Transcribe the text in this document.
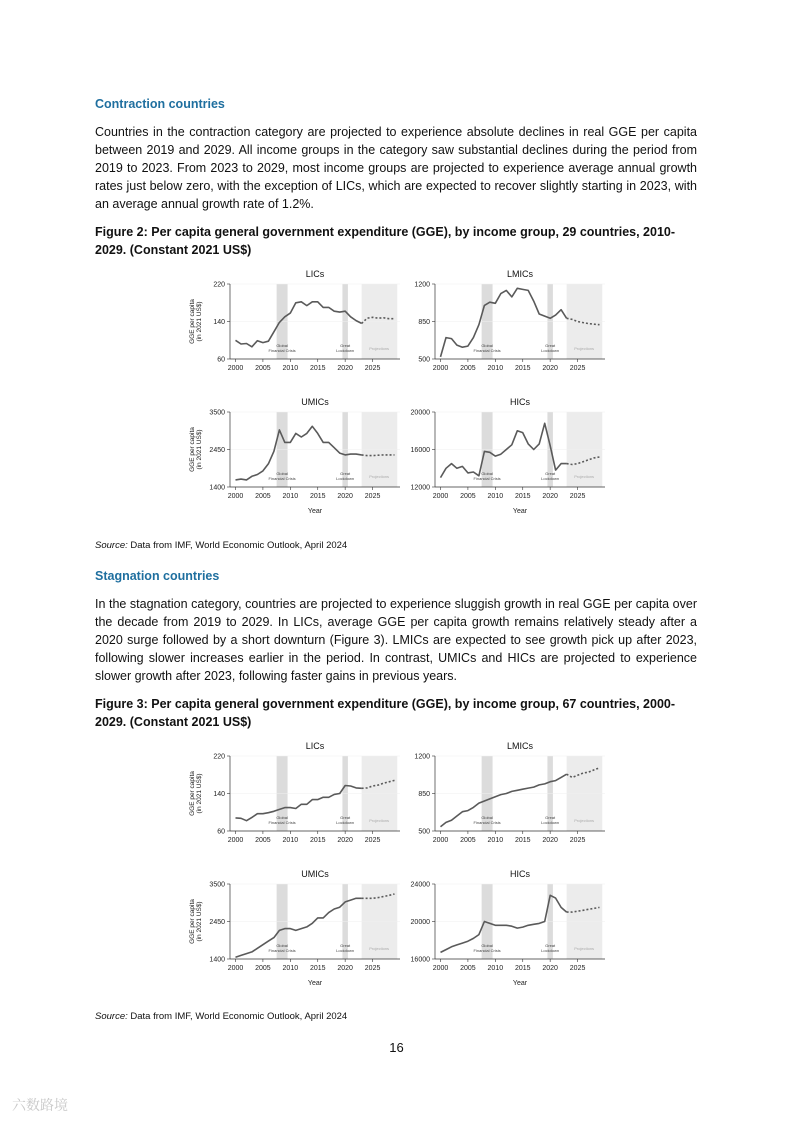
Contraction countries

Countries in the contraction category are projected to experience absolute declines in real GGE per capita between 2019 and 2029. All income groups in the category saw substantial declines during the period from 2019 to 2023. From 2023 to 2029, most income groups are projected to experience average annual growth rates just below zero, with the exception of LICs, which are expected to recover slightly starting in 2023, with an average annual growth rate of 1.2%.

Figure 2: Per capita general government expenditure (GGE), by income group, 29 countries, 2010-2029. (Constant 2021 US$)

60
140
220
2000 2005 2010 2015 2020 2025
Global
Financial Crisis
Great
Lockdown	Projections
LICs
GGE per capita (in 2021 US$)
500
850
1200
2000 2005 2010 2015 2020 2025
Global
Financial Crisis
Great
Lockdown	Projections
LMICs
1400
2450
3500
2000 2005 2010 2015 2020 2025
Global
Financial Crisis
Great
Lockdown	Projections
UMICs
GGE per capita (in 2021 US$)
Year
12000
16000
20000
2000 2005 2010 2015 2020 2025
Global
Financial Crisis
Great
Lockdown	Projections
HICs
Year
Source: Data from IMF, World Economic Outlook, April 2024
Stagnation countries

In the stagnation category, countries are projected to experience sluggish growth in real GGE per capita over the decade from 2019 to 2029. In LICs, average GGE per capita growth remains relatively steady after a 2020 surge followed by a short downturn (Figure 3). LMICs are expected to see growth pick up after 2023, following slower increases earlier in the period. In contrast, UMICs and HICs are projected to experience slower growth after 2023, following faster gains in previous years.

Figure 3: Per capita general government expenditure (GGE), by income group, 67 countries, 2000-2029. (Constant 2021 US$)

60
140
220
2000 2005 2010 2015 2020 2025
Global
Financial Crisis
Great
Lockdown	Projections
LICs
GGE per capita (in 2021 US$)
500
850
1200
2000 2005 2010 2015 2020 2025
Global
Financial Crisis
Great
Lockdown	Projections
LMICs
1400
2450
3500
2000 2005 2010 2015 2020 2025
Global
Financial Crisis
Great
Lockdown	Projections
UMICs
GGE per capita (in 2021 US$)
Year
16000
20000
24000
2000 2005 2010 2015 2020 2025
Global
Financial Crisis
Great
Lockdown	Projections
HICs
Year
Source: Data from IMF, World Economic Outlook, April 2024
16
六数路境
